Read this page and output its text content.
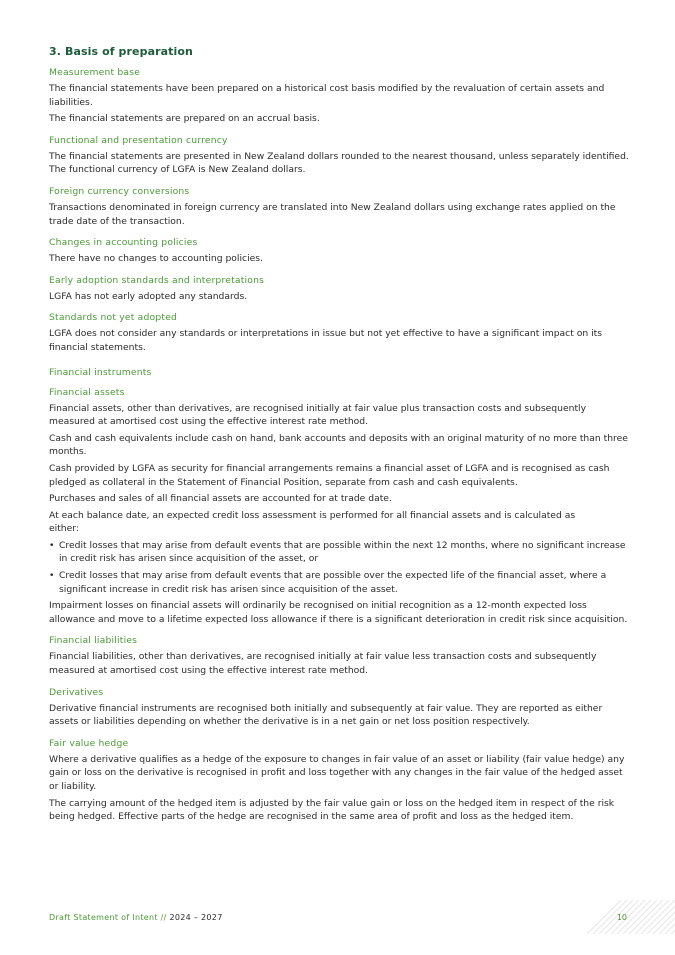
3. Basis of preparation
Measurement base

The financial statements have been prepared on a historical cost basis modified by the revaluation of certain assets and liabilities.

The financial statements are prepared on an accrual basis.

Functional and presentation currency

The financial statements are presented in New Zealand dollars rounded to the nearest thousand, unless separately identified. The functional currency of LGFA is New Zealand dollars.

Foreign currency conversions

Transactions denominated in foreign currency are translated into New Zealand dollars using exchange rates applied on the trade date of the transaction.

Changes in accounting policies

There have no changes to accounting policies.

Early adoption standards and interpretations

LGFA has not early adopted any standards.

Standards not yet adopted

LGFA does not consider any standards or interpretations in issue but not yet effective to have a significant impact on its financial statements.

Financial instruments
Financial assets

Financial assets, other than derivatives, are recognised initially at fair value plus transaction costs and subsequently measured at amortised cost using the effective interest rate method.

Cash and cash equivalents include cash on hand, bank accounts and deposits with an original maturity of no more than three months.

Cash provided by LGFA as security for financial arrangements remains a financial asset of LGFA and is recognised as cash pledged as collateral in the Statement of Financial Position, separate from cash and cash equivalents.

Purchases and sales of all financial assets are accounted for at trade date.

At each balance date, an expected credit loss assessment is performed for all financial assets and is calculated as either:

• Credit losses that may arise from default events that are possible within the next 12 months, where no significant increase in credit risk has arisen since acquisition of the asset, or
• Credit losses that may arise from default events that are possible over the expected life of the financial asset, where a significant increase in credit risk has arisen since acquisition of the asset.

Impairment losses on financial assets will ordinarily be recognised on initial recognition as a 12-month expected loss allowance and move to a lifetime expected loss allowance if there is a significant deterioration in credit risk since acquisition.

Financial liabilities

Financial liabilities, other than derivatives, are recognised initially at fair value less transaction costs and subsequently measured at amortised cost using the effective interest rate method.

Derivatives

Derivative financial instruments are recognised both initially and subsequently at fair value. They are reported as either assets or liabilities depending on whether the derivative is in a net gain or net loss position respectively.

Fair value hedge

Where a derivative qualifies as a hedge of the exposure to changes in fair value of an asset or liability (fair value hedge) any gain or loss on the derivative is recognised in profit and loss together with any changes in the fair value of the hedged asset or liability.

The carrying amount of the hedged item is adjusted by the fair value gain or loss on the hedged item in respect of the risk being hedged. Effective parts of the hedge are recognised in the same area of profit and loss as the hedged item.

Draft Statement of Intent // 2024 – 2027	10
